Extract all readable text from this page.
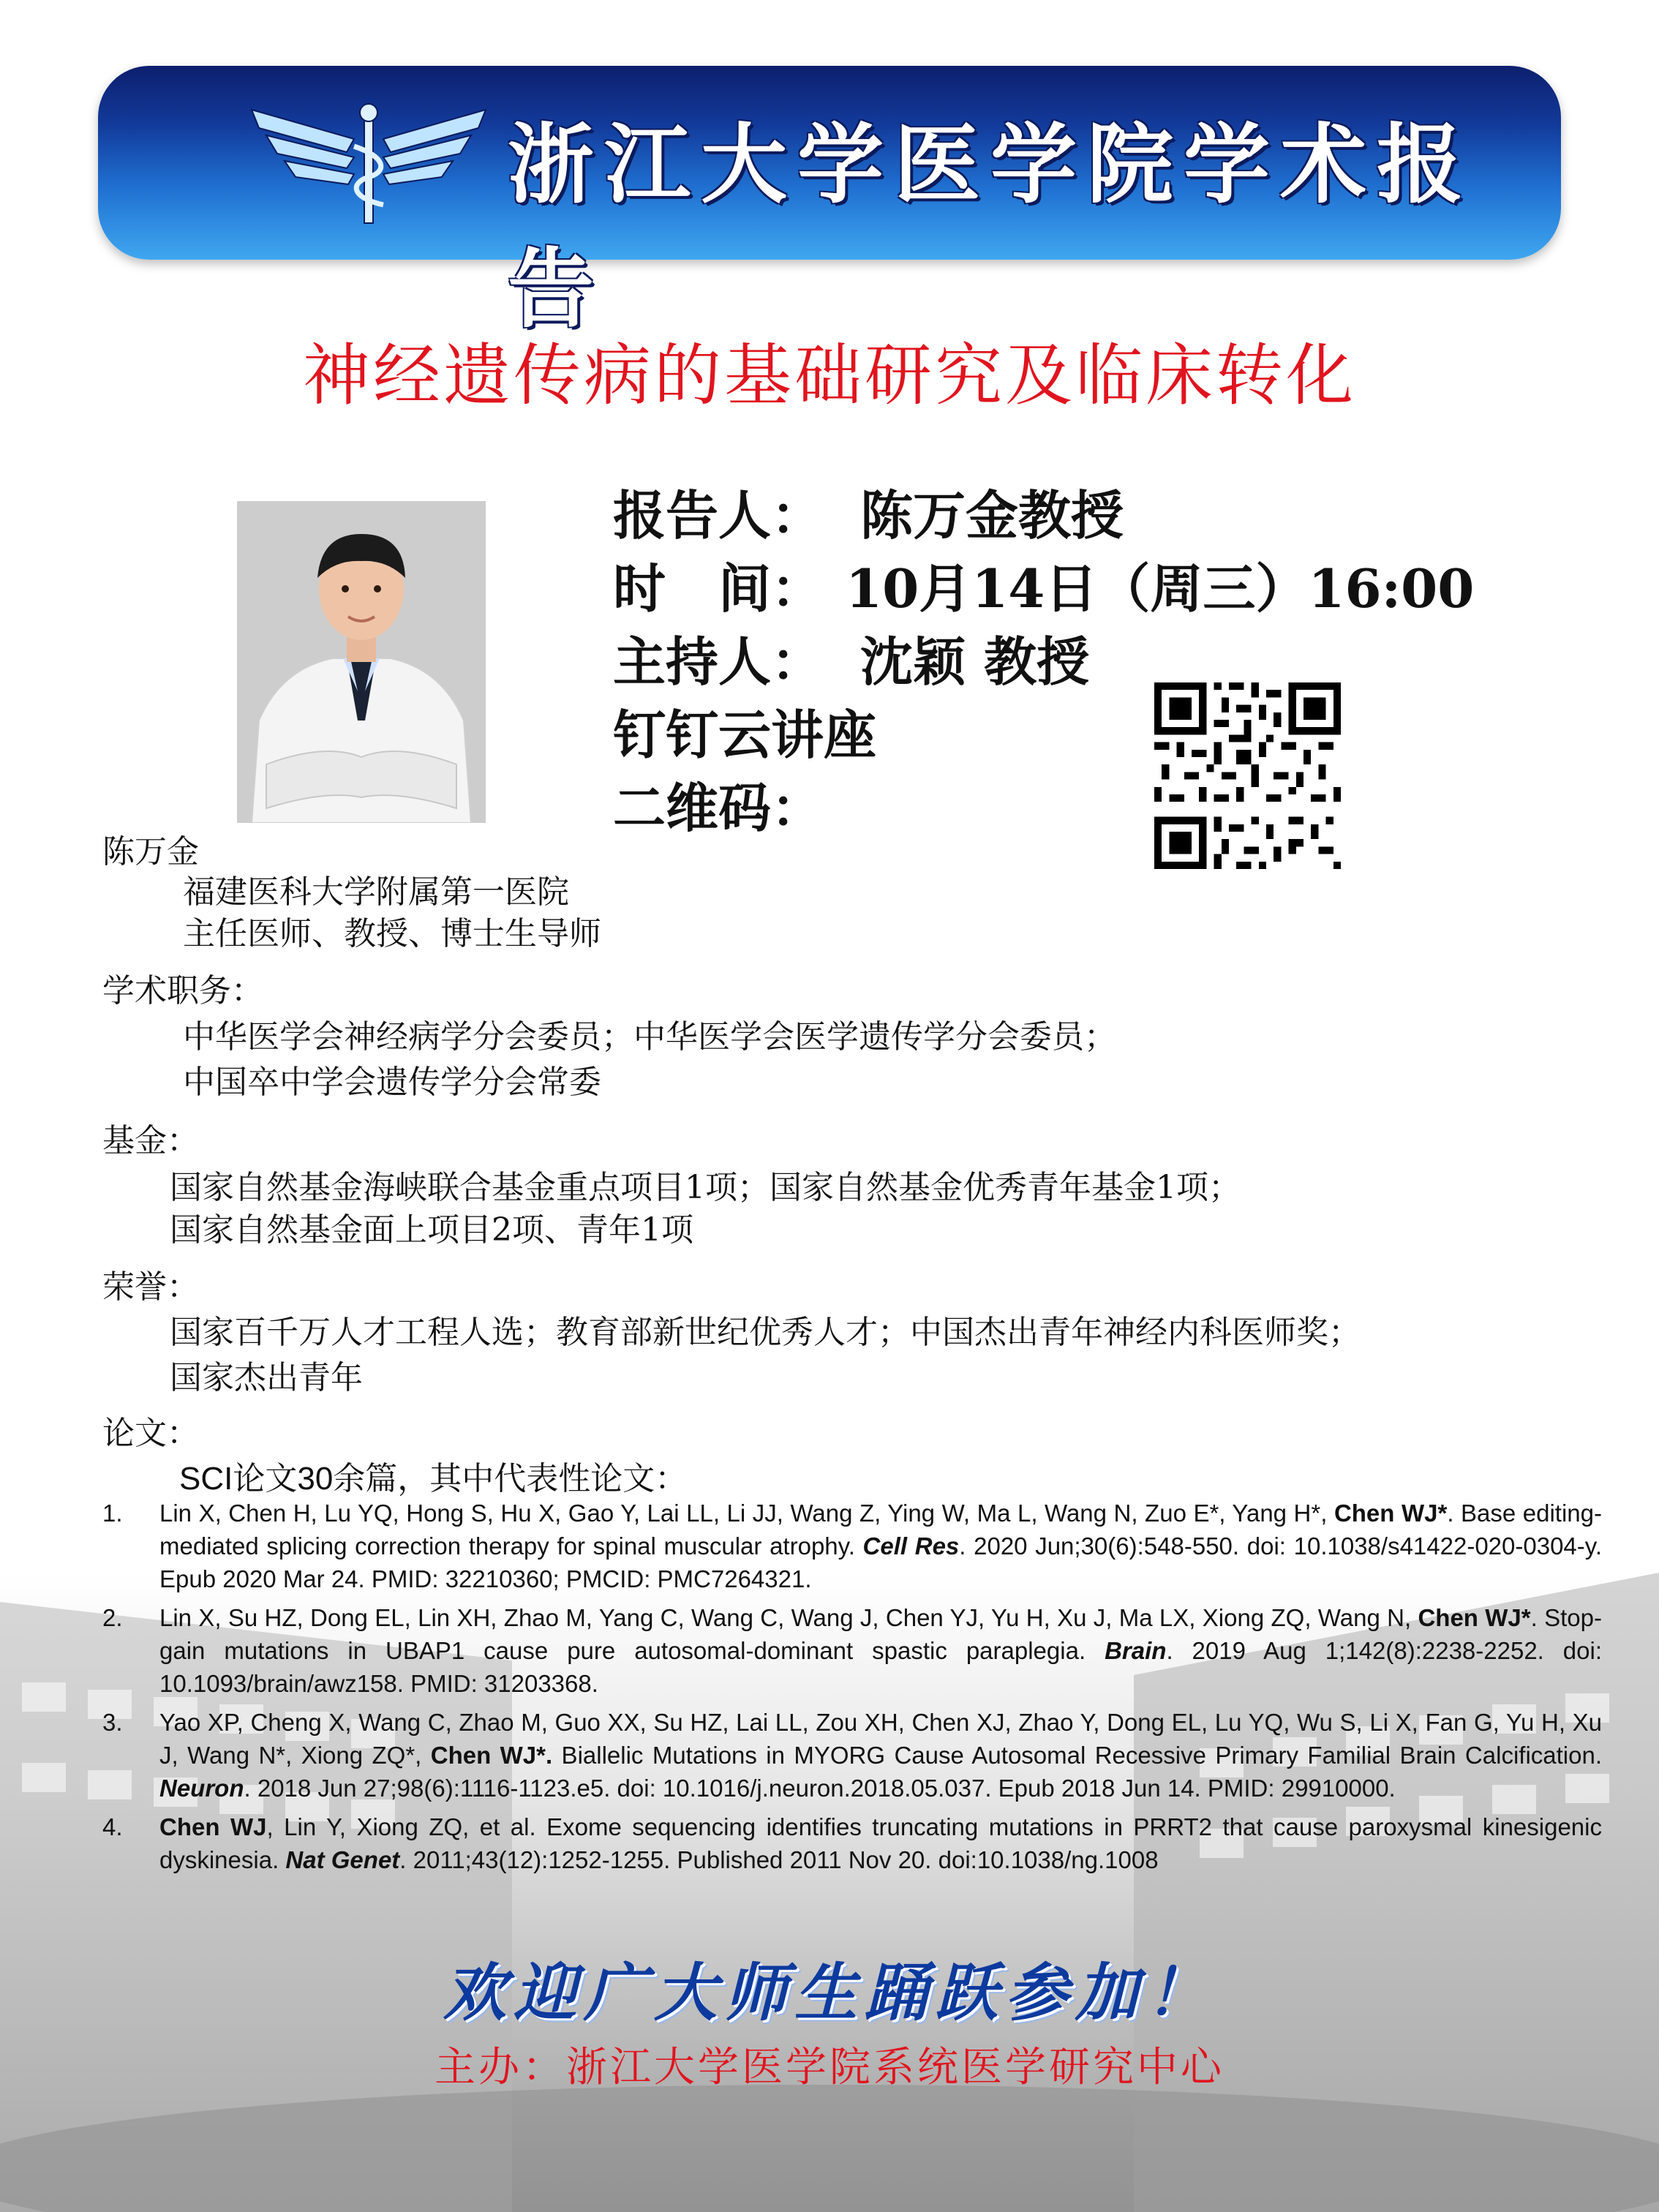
浙江大学医学院学术报告
神经遗传病的基础研究及临床转化
报告人： 陈万金教授
时　间： 10月14日（周三）16:00
主持人： 沈颖 教授
钉钉云讲座
二维码：
陈万金
福建医科大学附属第一医院
主任医师、教授、博士生导师
学术职务：
中华医学会神经病学分会委员；中华医学会医学遗传学分会委员；
中国卒中学会遗传学分会常委
基金：
国家自然基金海峡联合基金重点项目1项；国家自然基金优秀青年基金1项；
国家自然基金面上项目2项、青年1项
荣誉：
国家百千万人才工程人选；教育部新世纪优秀人才；中国杰出青年神经内科医师奖；
国家杰出青年
论文：
SCI论文30余篇，其中代表性论文：
1. Lin X, Chen H, Lu YQ, Hong S, Hu X, Gao Y, Lai LL, Li JJ, Wang Z, Ying W, Ma L, Wang N, Zuo E*, Yang H*, Chen WJ*. Base editing-mediated splicing correction therapy for spinal muscular atrophy. Cell Res. 2020 Jun;30(6):548-550. doi: 10.1038/s41422-020-0304-y. Epub 2020 Mar 24. PMID: 32210360; PMCID: PMC7264321.
2. Lin X, Su HZ, Dong EL, Lin XH, Zhao M, Yang C, Wang C, Wang J, Chen YJ, Yu H, Xu J, Ma LX, Xiong ZQ, Wang N, Chen WJ*. Stop-gain mutations in UBAP1 cause pure autosomal-dominant spastic paraplegia. Brain. 2019 Aug 1;142(8):2238-2252. doi: 10.1093/brain/awz158. PMID: 31203368.
3. Yao XP, Cheng X, Wang C, Zhao M, Guo XX, Su HZ, Lai LL, Zou XH, Chen XJ, Zhao Y, Dong EL, Lu YQ, Wu S, Li X, Fan G, Yu H, Xu J, Wang N*, Xiong ZQ*, Chen WJ*. Biallelic Mutations in MYORG Cause Autosomal Recessive Primary Familial Brain Calcification. Neuron. 2018 Jun 27;98(6):1116-1123.e5. doi: 10.1016/j.neuron.2018.05.037. Epub 2018 Jun 14. PMID: 29910000.
4. Chen WJ, Lin Y, Xiong ZQ, et al. Exome sequencing identifies truncating mutations in PRRT2 that cause paroxysmal kinesigenic dyskinesia. Nat Genet. 2011;43(12):1252-1255. Published 2011 Nov 20. doi:10.1038/ng.1008
欢迎广大师生踊跃参加！
主办：浙江大学医学院系统医学研究中心
